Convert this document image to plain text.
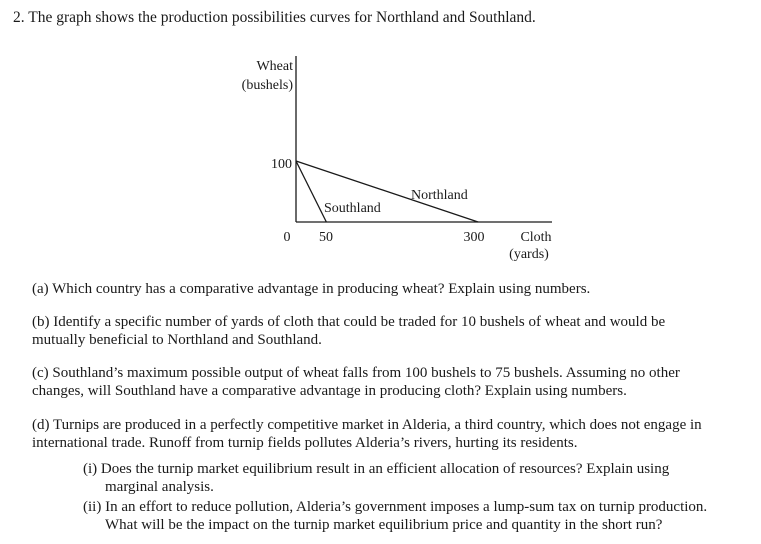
2. The graph shows the production possibilities curves for Northland and Southland.
Wheat
(bushels)
100
0 50	300	Cloth
(yards)
Northland
Southland
(a) Which country has a comparative advantage in producing wheat? Explain using numbers.
(b) Identify a specific number of yards of cloth that could be traded for 10 bushels of wheat and would be
mutually beneficial to Northland and Southland.
(c) Southland’s maximum possible output of wheat falls from 100 bushels to 75 bushels. Assuming no other
changes, will Southland have a comparative advantage in producing cloth? Explain using numbers.
(d) Turnips are produced in a perfectly competitive market in Alderia, a third country, which does not engage in
international trade. Runoff from turnip fields pollutes Alderia’s rivers, hurting its residents.
(i) Does the turnip market equilibrium result in an efficient allocation of resources? Explain using
marginal analysis.
(ii) In an effort to reduce pollution, Alderia’s government imposes a lump-sum tax on turnip production.
What will be the impact on the turnip market equilibrium price and quantity in the short run?
